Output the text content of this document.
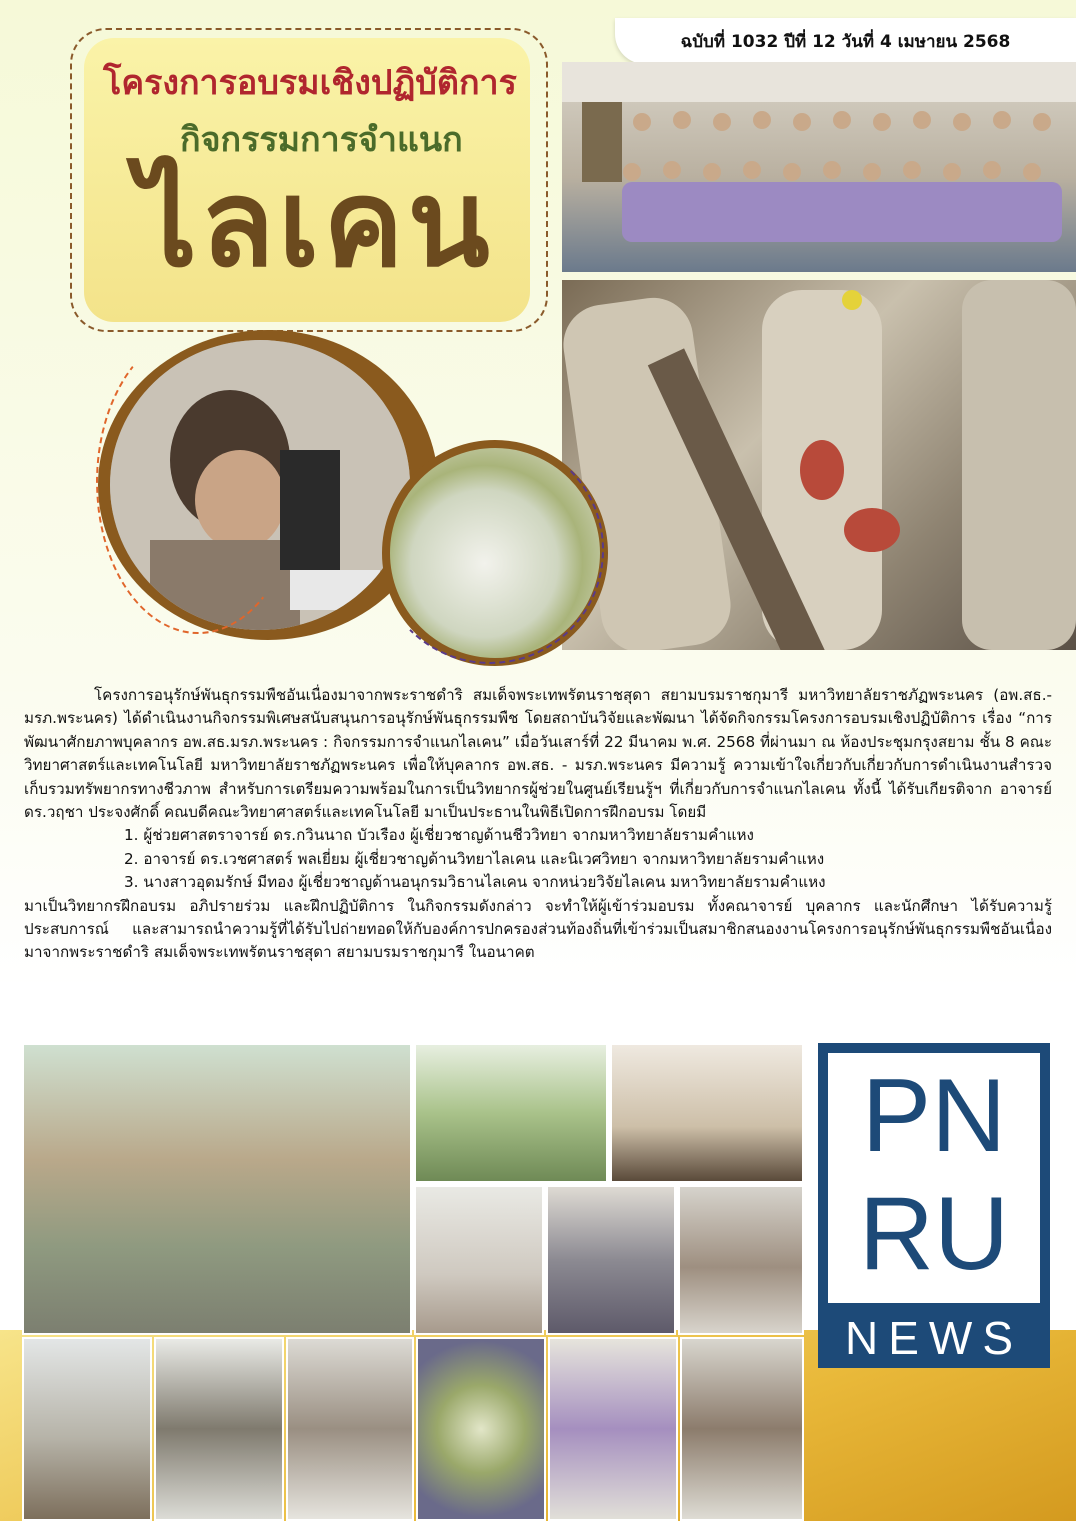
ฉบับที่ 1032 ปีที่ 12 วันที่ 4 เมษายน 2568
โครงการอบรมเชิงปฏิบัติการ
กิจกรรมการจำแนก
ไลเคน

โครงการอนุรักษ์พันธุกรรมพืชอันเนื่องมาจากพระราชดำริ สมเด็จพระเทพรัตนราชสุดา สยามบรมราชกุมารี มหาวิทยาลัยราชภัฏพระนคร (อพ.สธ.-มรภ.พระนคร) ได้ดำเนินงานกิจกรรมพิเศษสนับสนุนการอนุรักษ์พันธุกรรมพืช โดยสถาบันวิจัยและพัฒนา ได้จัดกิจกรรมโครงการอบรมเชิงปฏิบัติการ เรื่อง “การพัฒนาศักยภาพบุคลากร อพ.สธ.มรภ.พระนคร : กิจกรรมการจำแนกไลเคน” เมื่อวันเสาร์ที่ 22 มีนาคม พ.ศ. 2568 ที่ผ่านมา ณ ห้องประชุมกรุงสยาม ชั้น 8 คณะวิทยาศาสตร์และเทคโนโลยี มหาวิทยาลัยราชภัฏพระนคร เพื่อให้บุคลากร อพ.สธ. - มรภ.พระนคร มีความรู้ ความเข้าใจเกี่ยวกับเกี่ยวกับการดำเนินงานสำรวจเก็บรวมทรัพยากรทางชีวภาพ สำหรับการเตรียมความพร้อมในการเป็นวิทยากรผู้ช่วยในศูนย์เรียนรู้ฯ ที่เกี่ยวกับการจำแนกไลเคน ทั้งนี้ ได้รับเกียรติจาก อาจารย์ ดร.วฤชา ประจงศักดิ์ คณบดีคณะวิทยาศาสตร์และเทคโนโลยี มาเป็นประธานในพิธีเปิดการฝึกอบรม โดยมี

1. ผู้ช่วยศาสตราจารย์ ดร.กวินนาถ บัวเรือง ผู้เชี่ยวชาญด้านชีววิทยา จากมหาวิทยาลัยรามคำแหง

2. อาจารย์ ดร.เวชศาสตร์ พลเยี่ยม ผู้เชี่ยวชาญด้านวิทยาไลเคน และนิเวศวิทยา จากมหาวิทยาลัยรามคำแหง

3. นางสาวอุดมรักษ์ มีทอง ผู้เชี่ยวชาญด้านอนุกรมวิธานไลเคน จากหน่วยวิจัยไลเคน มหาวิทยาลัยรามคำแหง

มาเป็นวิทยากรฝึกอบรม อภิปรายร่วม และฝึกปฏิบัติการ ในกิจกรรมดังกล่าว จะทำให้ผู้เข้าร่วมอบรม ทั้งคณาจารย์ บุคลากร และนักศึกษา ได้รับความรู้ประสบการณ์ และสามารถนำความรู้ที่ได้รับไปถ่ายทอดให้กับองค์การปกครองส่วนท้องถิ่นที่เข้าร่วมเป็นสมาชิกสนองงานโครงการอนุรักษ์พันธุกรรมพืชอันเนื่องมาจากพระราชดำริ สมเด็จพระเทพรัตนราชสุดา สยามบรมราชกุมารี ในอนาคต

PN
RU
NEWS
